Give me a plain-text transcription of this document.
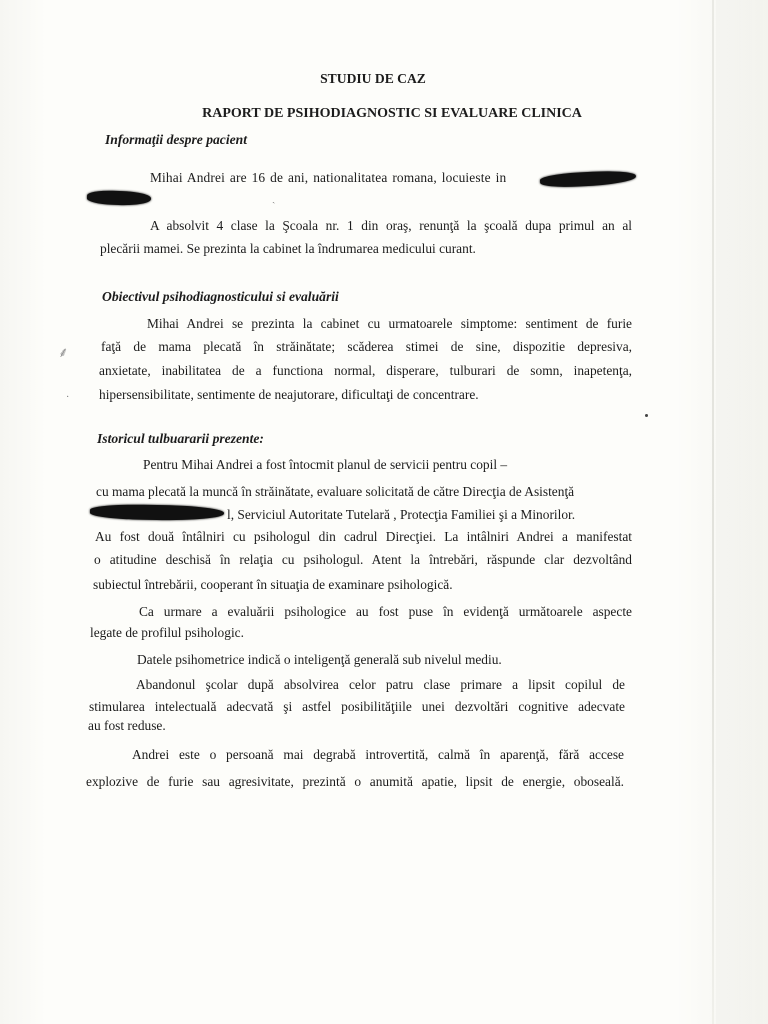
STUDIU DE CAZ
RAPORT DE PSIHODIAGNOSTIC SI EVALUARE CLINICA
Informaţii despre pacient
Mihai Andrei are 16 de ani, nationalitatea romana, locuieste in
ˎ
A absolvit 4 clase la Şcoala nr. 1 din oraş, renunţă la şcoală dupa primul an al
plecării mamei. Se prezinta la cabinet la îndrumarea medicului curant.
Obiectivul psihodiagnosticului si evaluării
Mihai Andrei se prezinta la cabinet cu urmatoarele simptome: sentiment de furie
faţă de mama plecată în străinătate; scăderea stimei de sine, dispozitie depresiva,
anxietate, inabilitatea de a functiona normal, disperare, tulburari de somn, inapetenţa,
hipersensibilitate, sentimente de neajutorare, dificultaţi de concentrare.
⸙
·
Istoricul tulbuararii prezente:
Pentru Mihai Andrei a fost întocmit planul de servicii pentru copil –
cu mama plecată la muncă în străinătate, evaluare solicitată de către Direcţia de Asistenţă
l, Serviciul Autoritate Tutelară , Protecţia Familiei şi a Minorilor.
Au fost două întâlniri cu psihologul din cadrul Direcţiei. La intâlniri Andrei a manifestat
o atitudine deschisă în relaţia cu psihologul. Atent la întrebări, răspunde clar dezvoltând
subiectul întrebării, cooperant în situaţia de examinare psihologică.
Ca urmare a evaluării psihologice au fost puse în evidenţă următoarele aspecte
legate de profilul psihologic.
Datele psihometrice indică o inteligenţă generală sub nivelul mediu.
Abandonul şcolar după absolvirea celor patru clase primare a lipsit copilul de
stimularea intelectuală adecvată şi astfel posibilităţiile unei dezvoltări cognitive adecvate
au fost reduse.
Andrei este o persoană mai degrabă introvertită, calmă în aparenţă, fără accese
explozive de furie sau agresivitate, prezintă o anumită apatie, lipsit de energie, oboseală.
